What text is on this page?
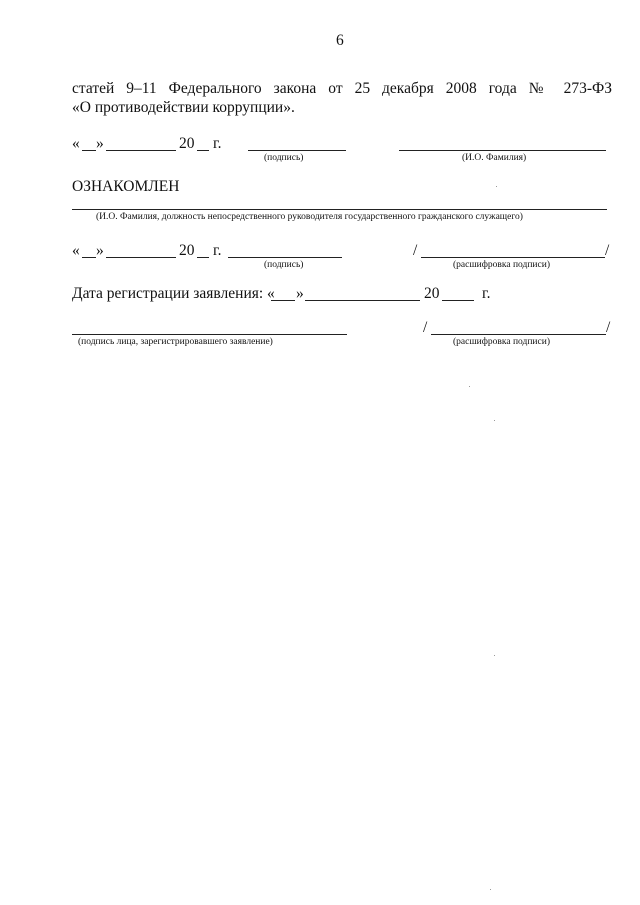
6
статей 9–11 Федерального закона от 25 декабря 2008 года № 273-ФЗ
«О противодействии коррупции».
« »	20 г.
(подпись)	(И.О. Фамилия)
ОЗНАКОМЛЕН
(И.О. Фамилия, должность непосредственного руководителя государственного гражданского служащего)
« »	20 г.	/	/
(подпись)	(расшифровка подписи)
Дата регистрации заявления: « »	20	г.
/	/
(подпись лица, зарегистрировавшего заявление)	(расшифровка подписи)
